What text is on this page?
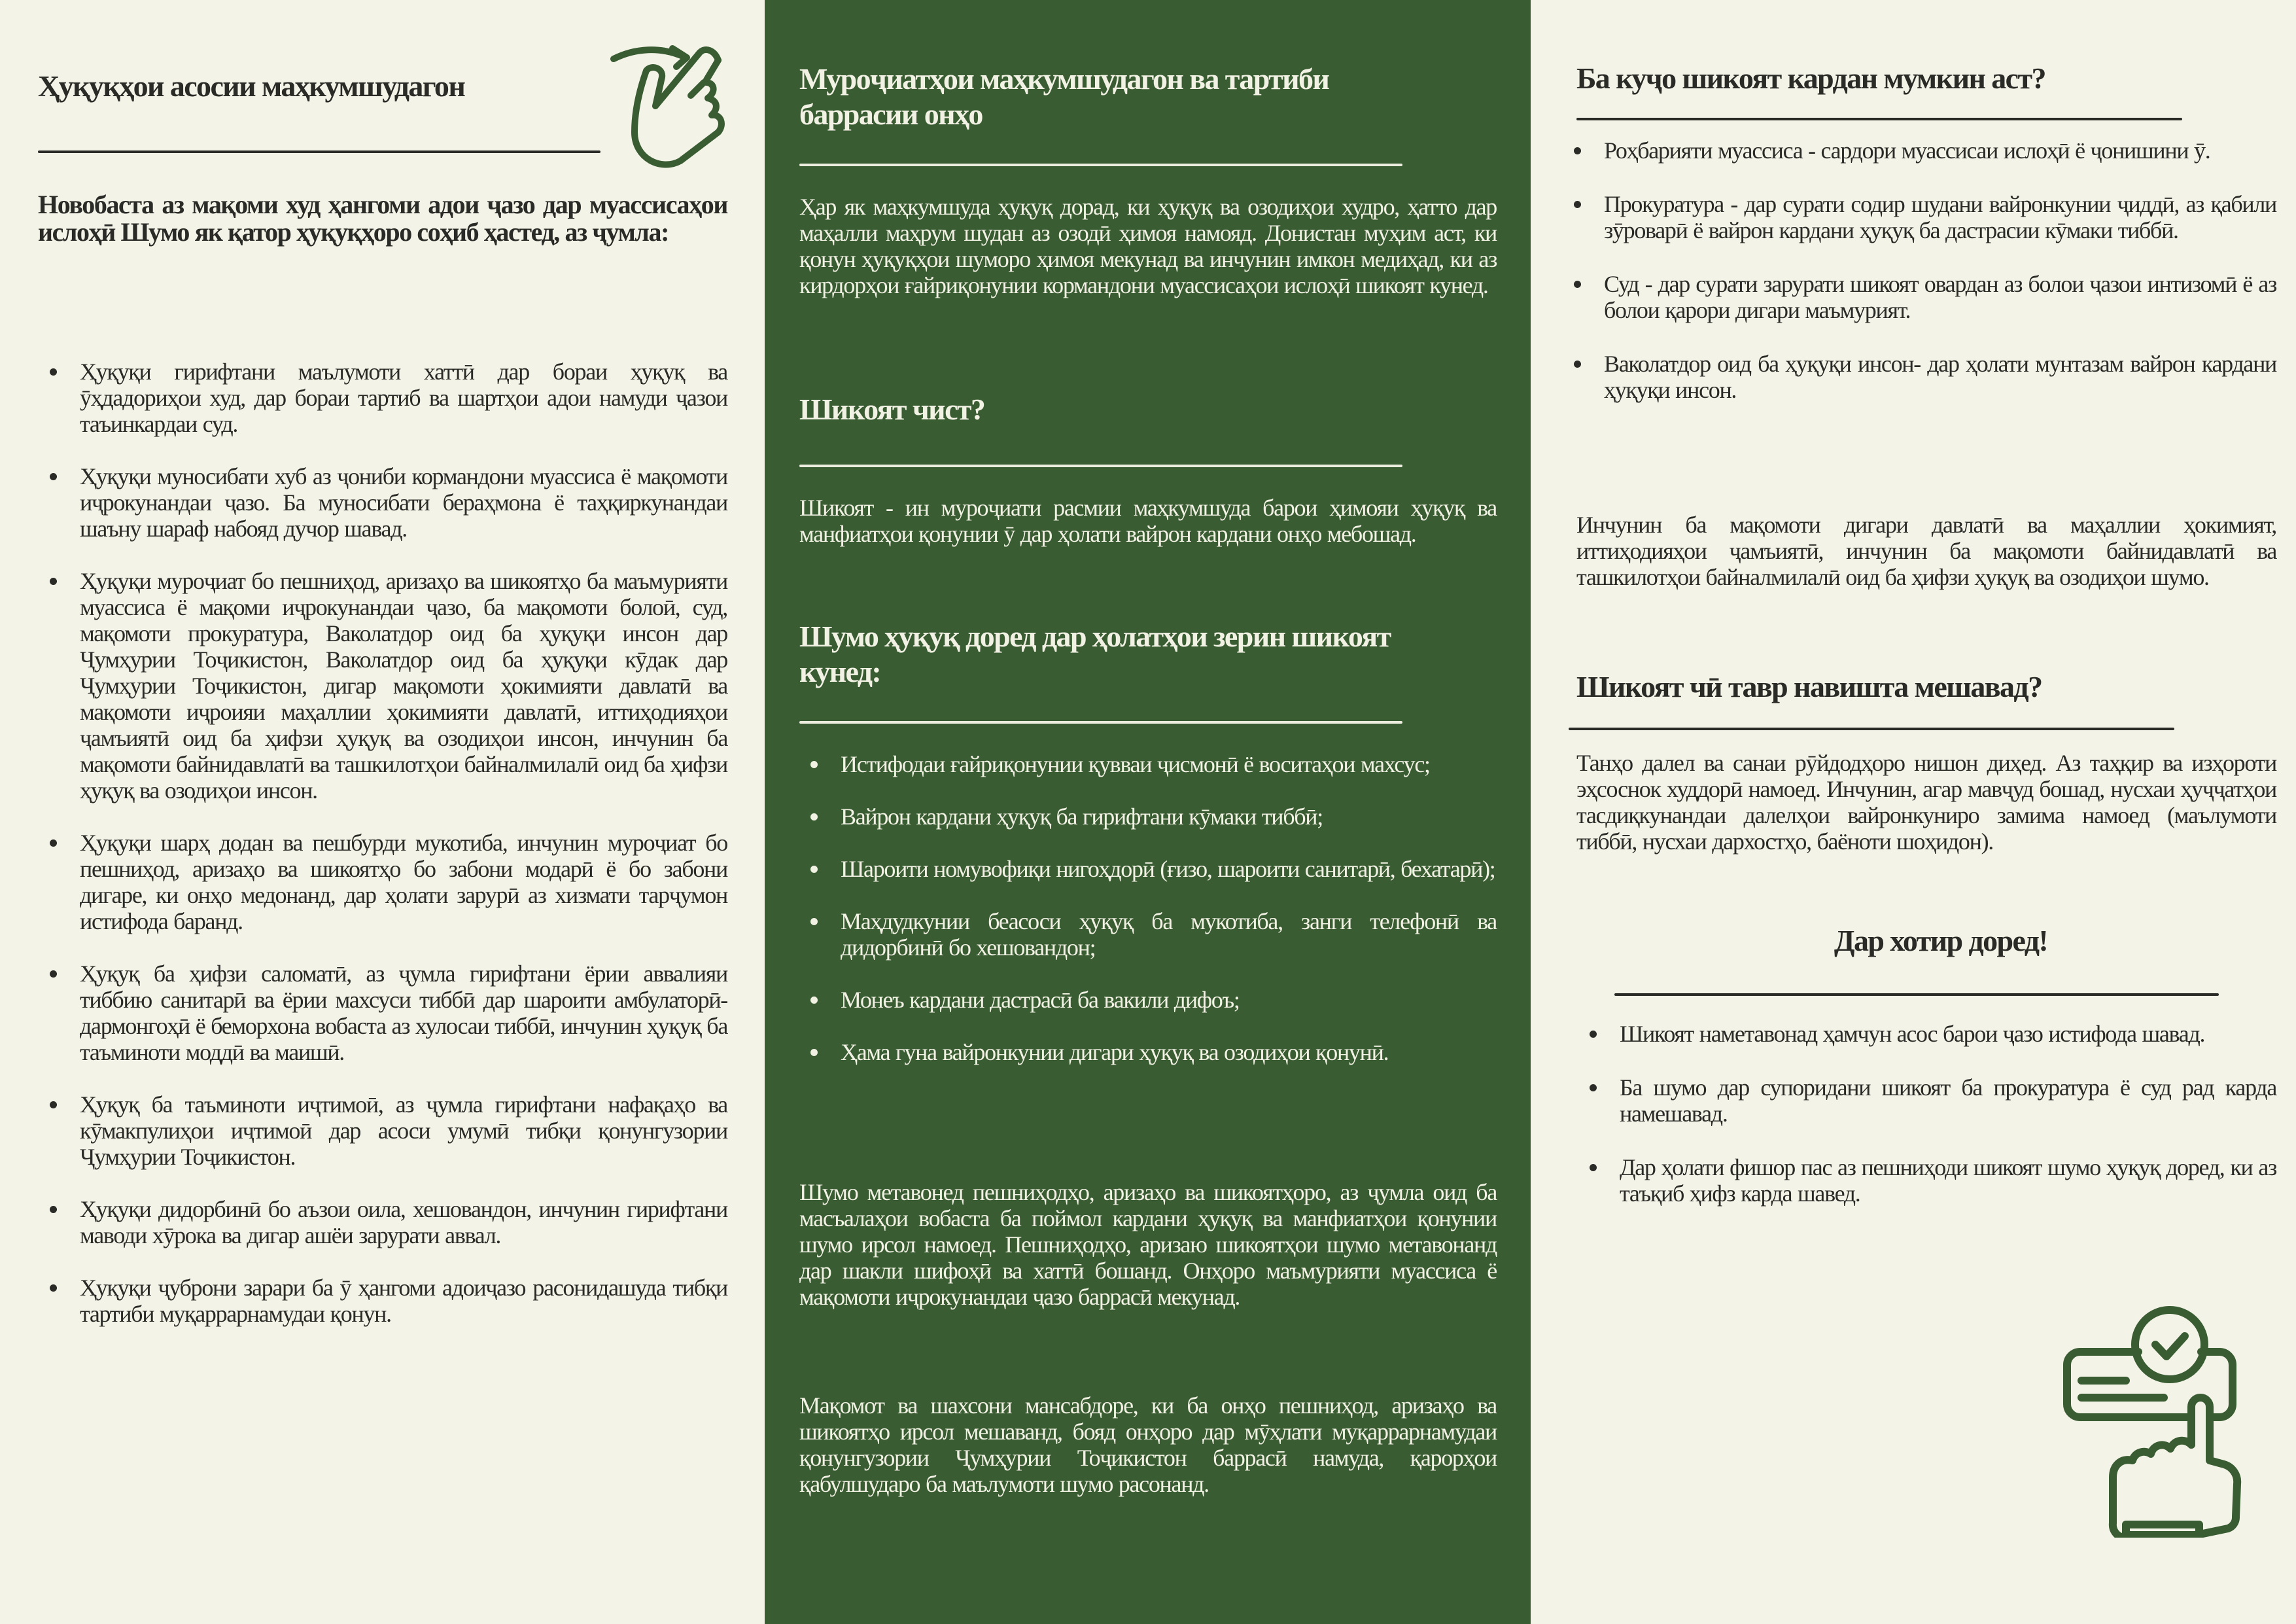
Ҳуқуқҳои асосии маҳкумшудагон

Новобаста аз мақоми худ ҳангоми адои ҷазо дар муассисаҳои ислоҳӣ Шумо як қатор ҳуқуқҳоро соҳиб ҳастед, аз ҷумла:

Ҳуқуқи гирифтани маълумоти хаттӣ дар бораи ҳуқуқ ва ӯҳдадориҳои худ, дар бораи тартиб ва шартҳои адои намуди ҷазои таъинкардаи суд.
Ҳуқуқи муносибати хуб аз ҷониби кормандони муассиса ё мақомоти иҷрокунандаи ҷазо. Ба муносибати бераҳмона ё таҳқиркунандаи шаъну шараф набояд дучор шавад.
Ҳуқуқи муроҷиат бо пешниҳод, аризаҳо ва шикоятҳо ба маъмурияти муассиса ё мақоми иҷрокунандаи ҷазо, ба мақомоти болоӣ, суд, мақомоти прокуратура, Ваколатдор оид ба ҳуқуқи инсон дар Ҷумҳурии Тоҷикистон, Ваколатдор оид ба ҳуқуқи кӯдак дар Ҷумҳурии Тоҷикистон, дигар мақомоти ҳокимияти давлатӣ ва мақомоти иҷроияи маҳаллии ҳокимияти давлатӣ, иттиҳодияҳои ҷамъиятӣ оид ба ҳифзи ҳуқуқ ва озодиҳои инсон, инчунин ба мақомоти байнидавлатӣ ва ташкилотҳои байналмилалӣ оид ба ҳифзи ҳуқуқ ва озодиҳои инсон.
Ҳуқуқи шарҳ додан ва пешбурди мукотиба, инчунин муроҷиат бо пешниҳод, аризаҳо ва шикоятҳо бо забони модарӣ ё бо забони дигаре, ки онҳо медонанд, дар ҳолати зарурӣ аз хизмати тарҷумон истифода баранд.
Ҳуқуқ ба ҳифзи саломатӣ, аз ҷумла гирифтани ёрии аввалияи тиббию санитарӣ ва ёрии махсуси тиббӣ дар шароити амбулаторӣ-дармонгоҳӣ ё беморхона вобаста аз хулосаи тиббӣ, инчунин ҳуқуқ ба таъминоти моддӣ ва маишӣ.
Ҳуқуқ ба таъминоти иҷтимоӣ, аз ҷумла гирифтани нафақаҳо ва кӯмакпулиҳои иҷтимоӣ дар асоси умумӣ тибқи қонунгузории Ҷумҳурии Тоҷикистон.
Ҳуқуқи дидорбинӣ бо аъзои оила, хешовандон, инчунин гирифтани маводи хӯрока ва дигар ашёи зарурати аввал.
Ҳуқуқи ҷуброни зарари ба ӯ ҳангоми адоиҷазо расонидашуда тибқи тартиби муқаррарнамудаи қонун.
Муроҷиатҳои маҳкумшудагон ва тартиби баррасии онҳо

Ҳар як маҳкумшуда ҳуқуқ дорад, ки ҳуқуқ ва озодиҳои худро, ҳатто дар маҳалли маҳрум шудан аз озодӣ ҳимоя намояд. Донистан муҳим аст, ки қонун ҳуқуқҳои шуморо ҳимоя мекунад ва инчунин имкон медиҳад, ки аз кирдорҳои ғайриқонунии кормандони муассисаҳои ислоҳӣ шикоят кунед.

Шикоят чист?

Шикоят - ин муроҷиати расмии маҳкумшуда барои ҳимояи ҳуқуқ ва манфиатҳои қонунии ӯ дар ҳолати вайрон кардани онҳо мебошад.

Шумо ҳуқуқ доред дар ҳолатҳои зерин шикоят кунед:
Истифодаи ғайриқонунии қувваи ҷисмонӣ ё воситаҳои махсус;
Вайрон кардани ҳуқуқ ба гирифтани кӯмаки тиббӣ;
Шароити номувофиқи нигоҳдорӣ (ғизо, шароити санитарӣ, бехатарӣ);
Маҳдудкунии беасоси ҳуқуқ ба мукотиба, занги телефонӣ ва дидорбинӣ бо хешовандон;
Монеъ кардани дастрасӣ ба вакили дифоъ;
Ҳама гуна вайронкунии дигари ҳуқуқ ва озодиҳои қонунӣ.

Шумо метавонед пешниҳодҳо, аризаҳо ва шикоятҳоро, аз ҷумла оид ба масъалаҳои вобаста ба поймол кардани ҳуқуқ ва манфиатҳои қонунии шумо ирсол намоед. Пешниҳодҳо, аризаю шикоятҳои шумо метавонанд дар шакли шифоҳӣ ва хаттӣ бошанд. Онҳоро маъмурияти муассиса ё мақомоти иҷрокунандаи ҷазо баррасӣ мекунад.

Мақомот ва шахсони мансабдоре, ки ба онҳо пешниҳод, аризаҳо ва шикоятҳо ирсол мешаванд, бояд онҳоро дар мӯҳлати муқаррарнамудаи қонунгузории Ҷумҳурии Тоҷикистон баррасӣ намуда, қарорҳои қабулшударо ба маълумоти шумо расонанд.

Ба куҷо шикоят кардан мумкин аст?
Роҳбарияти муассиса - сардори муассисаи ислоҳӣ ё ҷонишини ӯ.
Прокуратура - дар сурати содир шудани вайронкунии ҷиддӣ, аз қабили зӯроварӣ ё вайрон кардани ҳуқуқ ба дастрасии кӯмаки тиббӣ.
Суд - дар сурати зарурати шикоят овардан аз болои ҷазои интизомӣ ё аз болои қарори дигари маъмурият.
Ваколатдор оид ба ҳуқуқи инсон- дар ҳолати мунтазам вайрон кардани ҳуқуқи инсон.

Инчунин ба мақомоти дигари давлатӣ ва маҳаллии ҳокимият, иттиҳодияҳои ҷамъиятӣ, инчунин ба мақомоти байнидавлатӣ ва ташкилотҳои байналмилалӣ оид ба ҳифзи ҳуқуқ ва озодиҳои шумо.

Шикоят чӣ тавр навишта мешавад?

Танҳо далел ва санаи рӯйдодҳоро нишон диҳед. Аз таҳқир ва изҳороти эҳсоснок худдорӣ намоед. Инчунин, агар мавҷуд бошад, нусхаи ҳуҷҷатҳои тасдиқкунандаи далелҳои вайронкуниро замима намоед (маълумоти тиббӣ, нусхаи дархостҳо, баёноти шоҳидон).

Дар хотир доред!
Шикоят наметавонад ҳамчун асос барои ҷазо истифода шавад.
Ба шумо дар супоридани шикоят ба прокуратура ё суд рад карда намешавад.
Дар ҳолати фишор пас аз пешниҳоди шикоят шумо ҳуқуқ доред, ки аз таъқиб ҳифз карда шавед.
